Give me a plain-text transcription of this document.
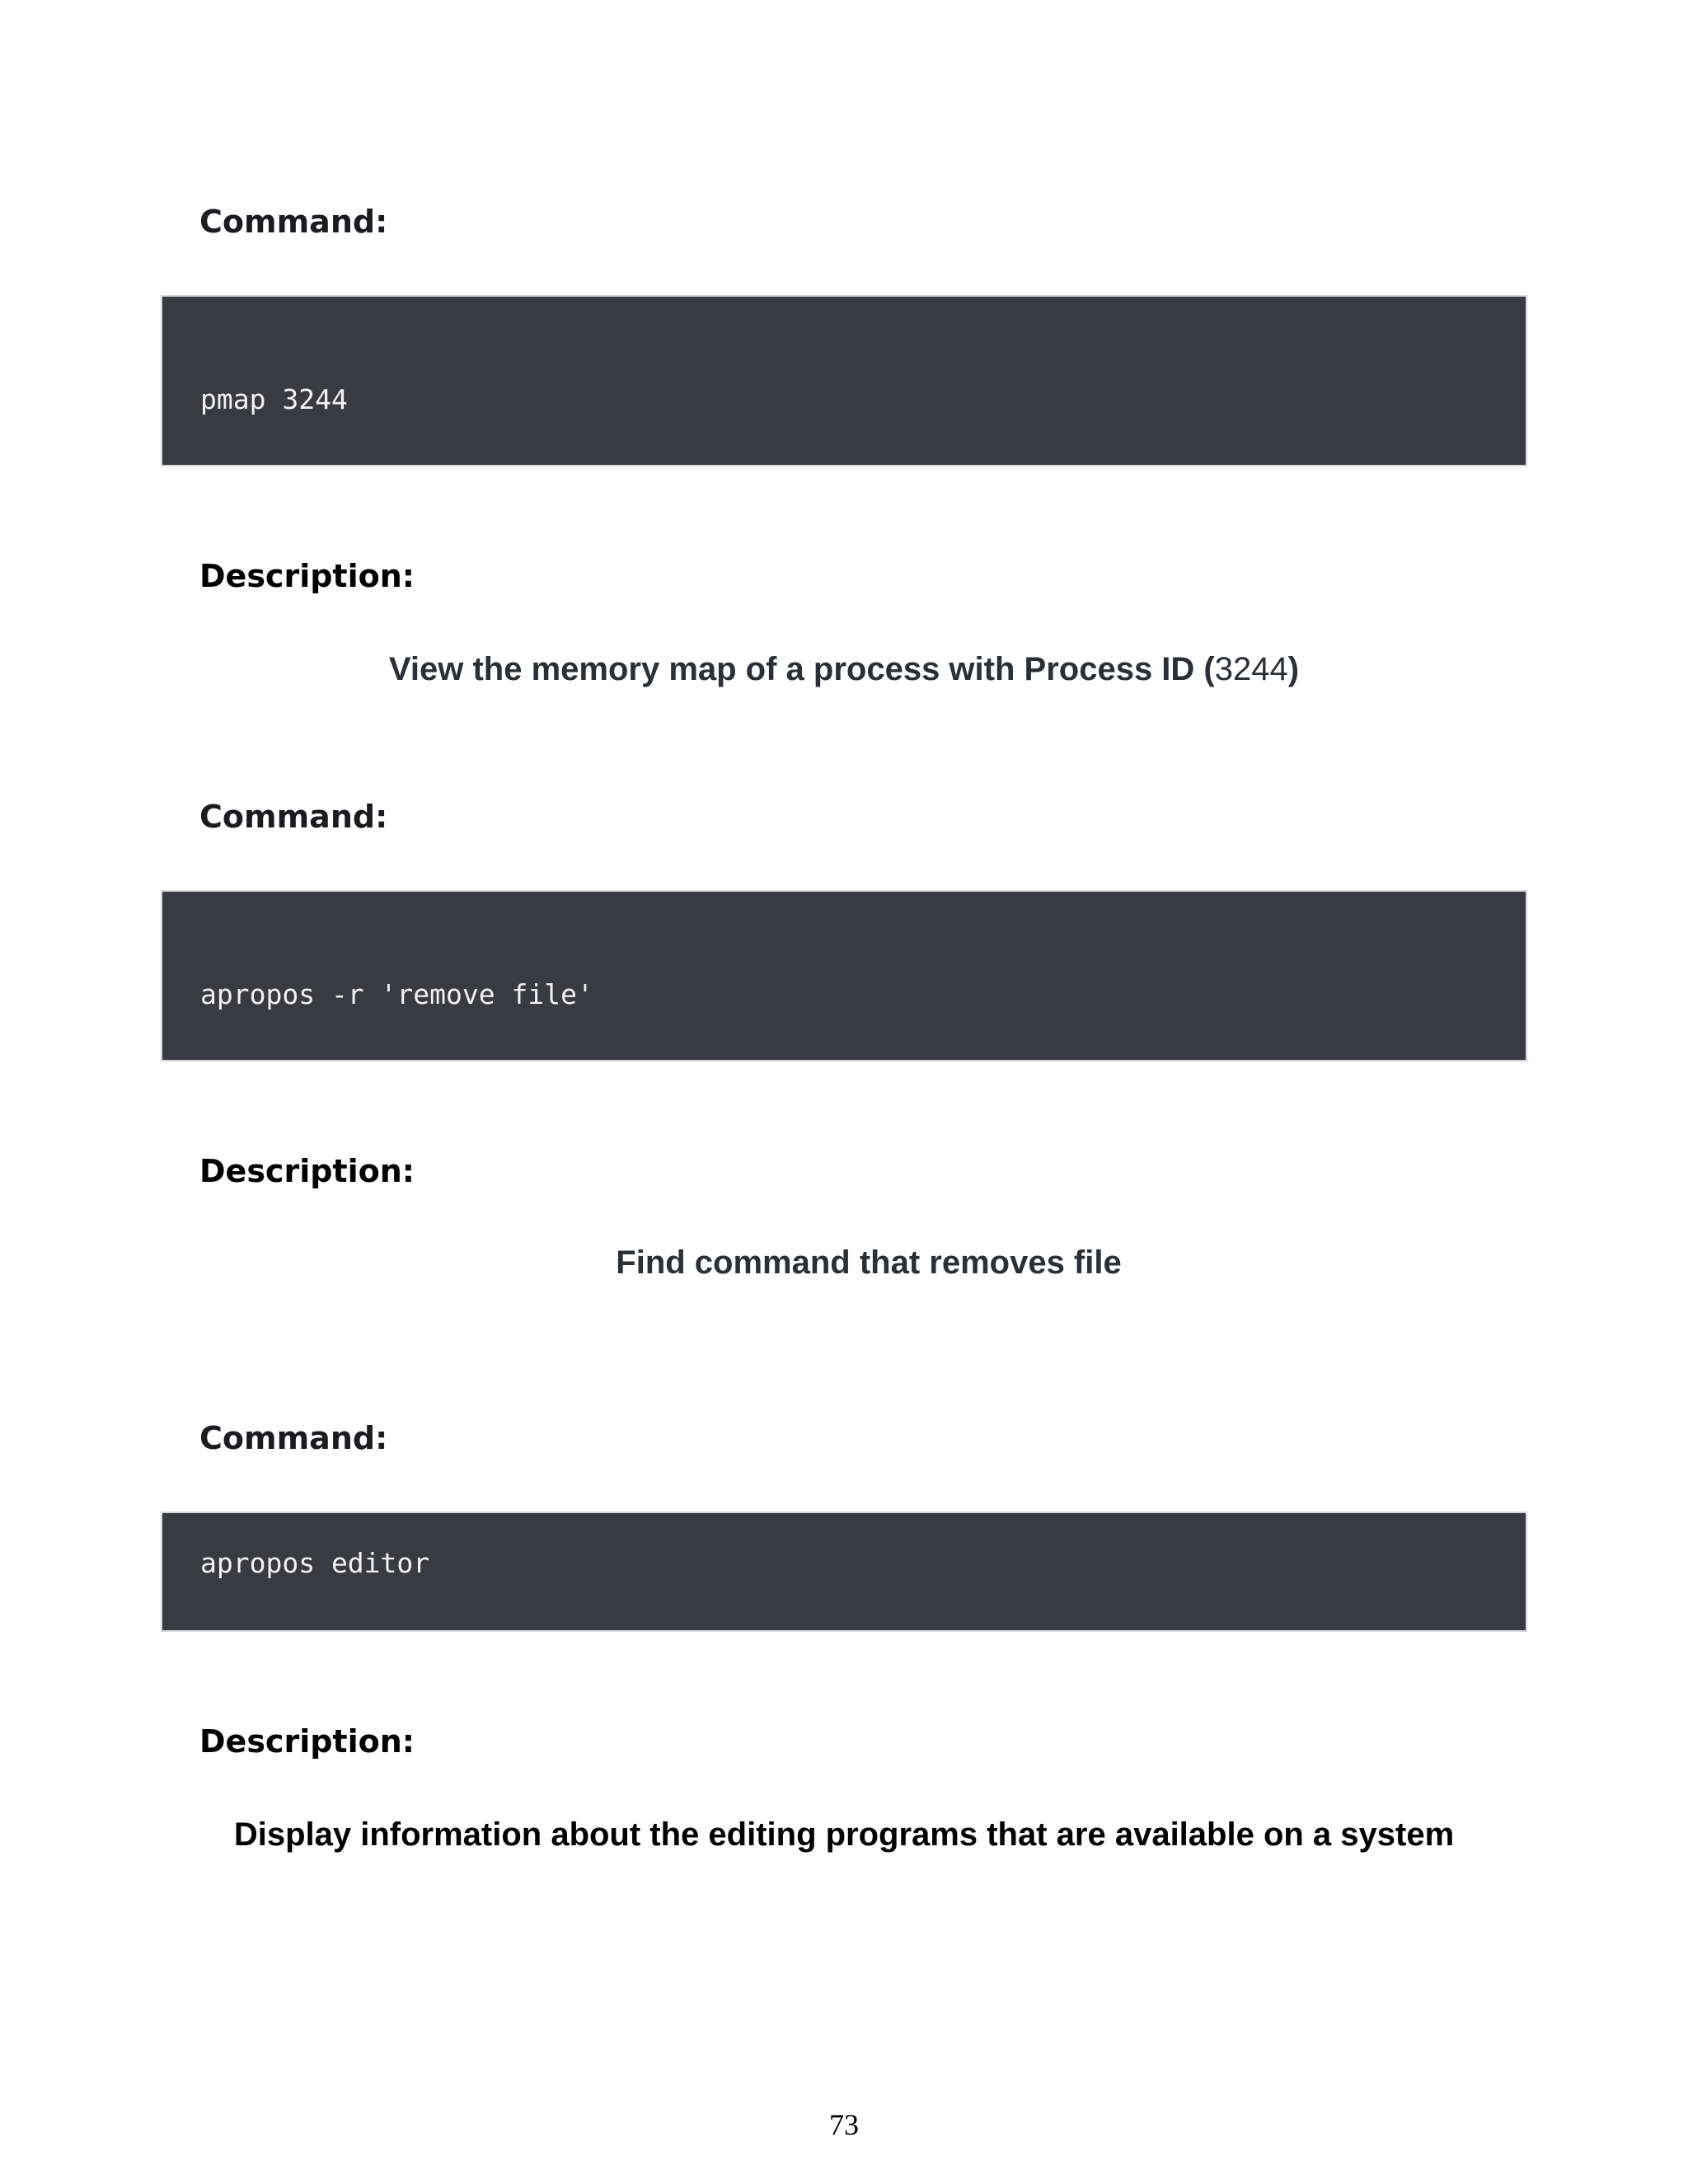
Command:

pmap 3244

Description:

View the memory map of a process with Process ID (3244)

Command:

apropos -r 'remove file'

Description:

Find command that removes file

Command:

apropos editor

Description:

Display information about the editing programs that are available on a system

73
